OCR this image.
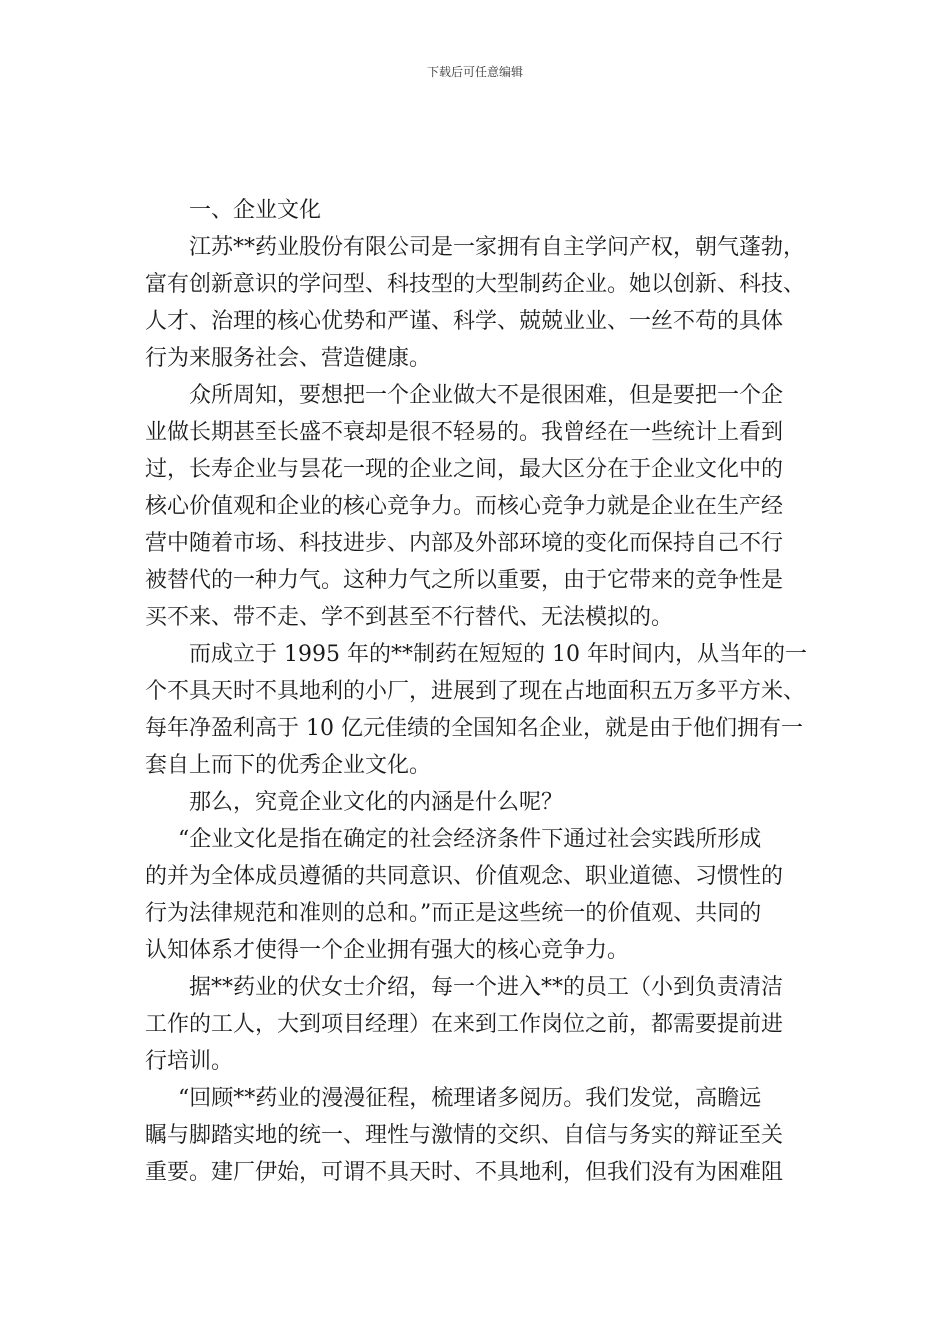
下载后可任意编辑
一、企业文化
江苏**药业股份有限公司是一家拥有自主学问产权，朝气蓬勃，
富有创新意识的学问型、科技型的大型制药企业。她以创新、科技、
人才、治理的核心优势和严谨、科学、兢兢业业、一丝不苟的具体
行为来服务社会、营造健康。
众所周知，要想把一个企业做大不是很困难，但是要把一个企
业做长期甚至长盛不衰却是很不轻易的。我曾经在一些统计上看到
过，长寿企业与昙花一现的企业之间，最大区分在于企业文化中的
核心价值观和企业的核心竞争力。而核心竞争力就是企业在生产经
营中随着市场、科技进步、内部及外部环境的变化而保持自己不行
被替代的一种力气。这种力气之所以重要，由于它带来的竞争性是
买不来、带不走、学不到甚至不行替代、无法模拟的。
而成立于 1995 年的**制药在短短的 10 年时间内，从当年的一
个不具天时不具地利的小厂，进展到了现在占地面积五万多平方米、
每年净盈利高于 10 亿元佳绩的全国知名企业，就是由于他们拥有一
套自上而下的优秀企业文化。
那么，究竟企业文化的内涵是什么呢？
“企业文化是指在确定的社会经济条件下通过社会实践所形成
的并为全体成员遵循的共同意识、价值观念、职业道德、习惯性的
行为法律规范和准则的总和。”而正是这些统一的价值观、共同的
认知体系才使得一个企业拥有强大的核心竞争力。
据**药业的伏女士介绍，每一个进入**的员工（小到负责清洁
工作的工人，大到项目经理）在来到工作岗位之前，都需要提前进
行培训。
“回顾**药业的漫漫征程，梳理诸多阅历。我们发觉，高瞻远
瞩与脚踏实地的统一、理性与激情的交织、自信与务实的辩证至关
重要。建厂伊始，可谓不具天时、不具地利，但我们没有为困难阻
